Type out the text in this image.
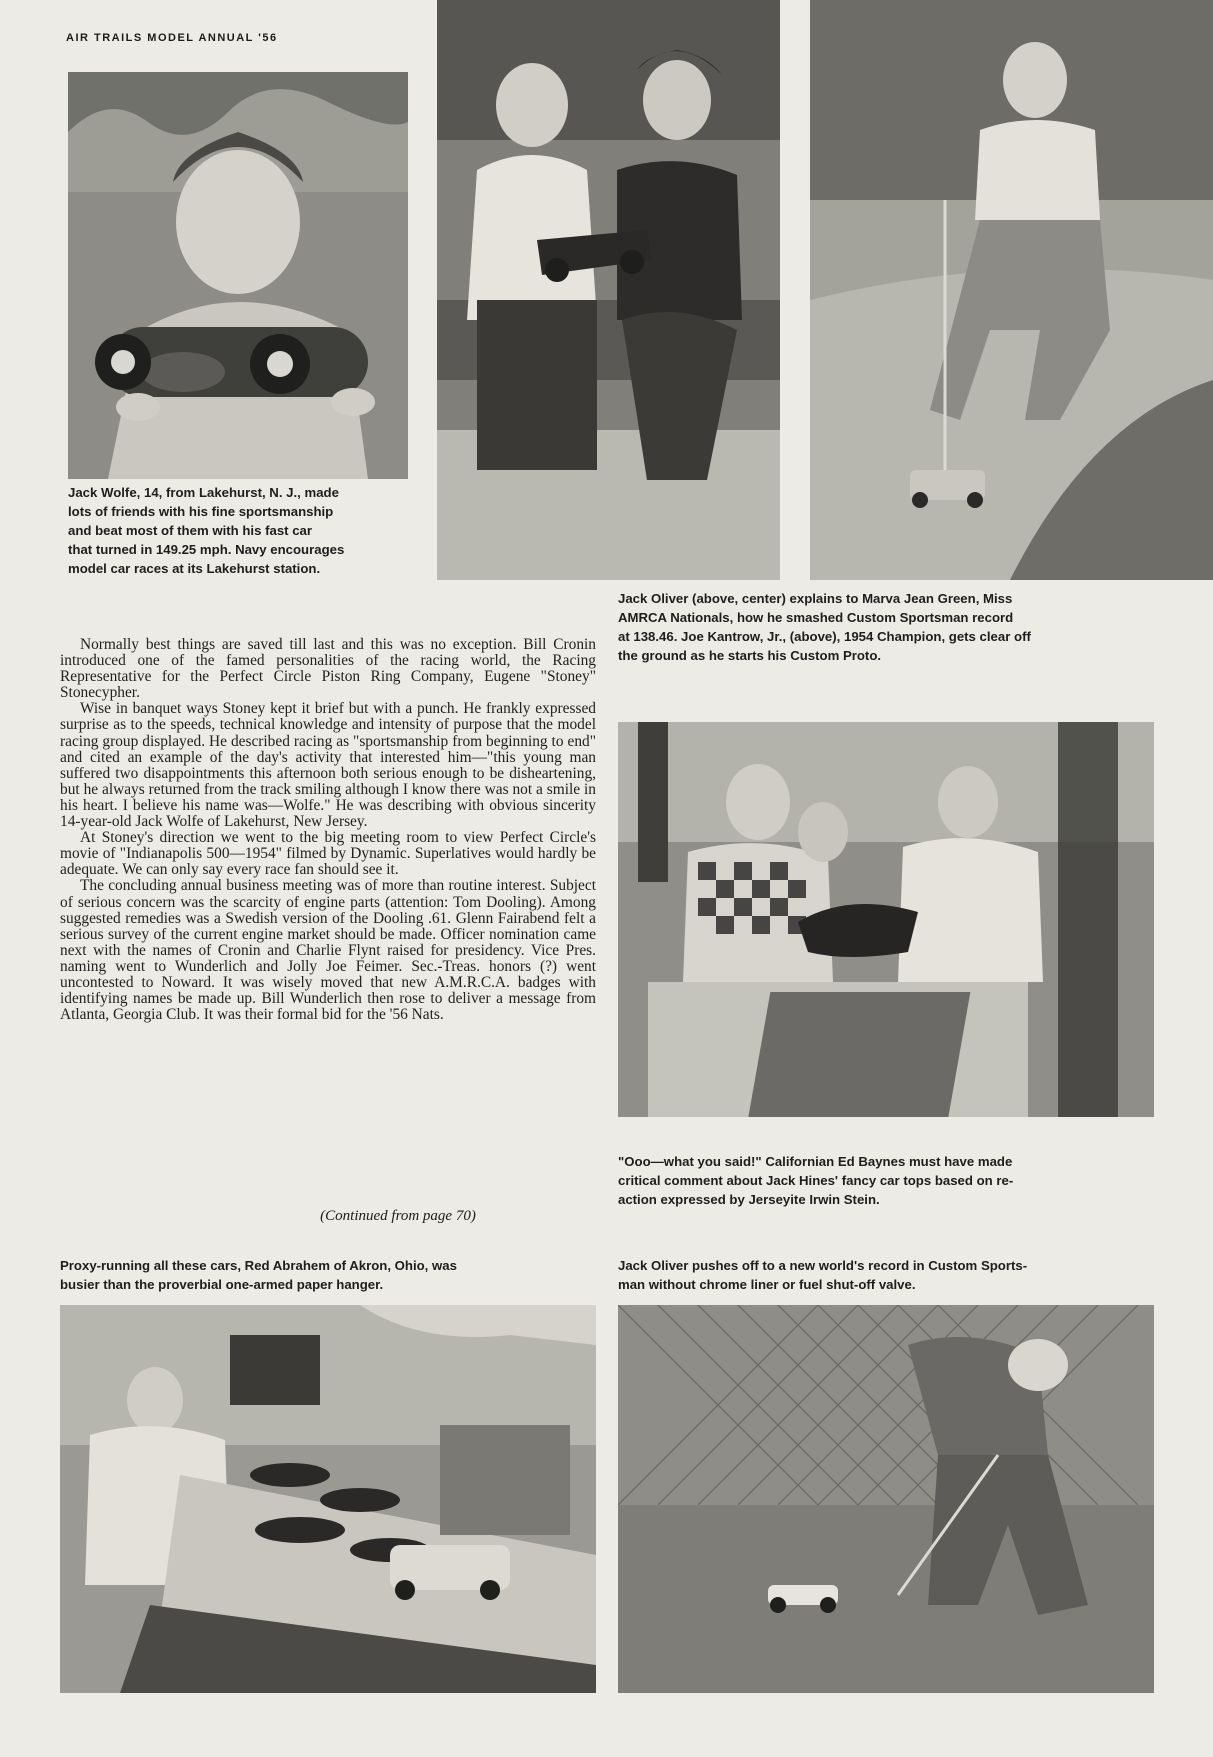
AIR TRAILS MODEL ANNUAL '56

Jack Wolfe, 14, from Lakehurst, N. J., made

lots of friends with his fine sportsmanship

and beat most of them with his fast car

that turned in 149.25 mph. Navy encourages

model car races at its Lakehurst station.

Jack Oliver (above, center) explains to Marva Jean Green, Miss

AMRCA Nationals, how he smashed Custom Sportsman record

at 138.46. Joe Kantrow, Jr., (above), 1954 Champion, gets clear off

the ground as he starts his Custom Proto.

Normally best things are saved till last and this was no exception. Bill Cronin introduced one of the famed personalities of the racing world, the Racing Representative for the Perfect Circle Piston Ring Company, Eugene "Stoney" Stonecypher.

Wise in banquet ways Stoney kept it brief but with a punch. He frankly expressed surprise as to the speeds, technical knowledge and intensity of purpose that the model racing group displayed. He described racing as "sportsmanship from beginning to end" and cited an example of the day's activity that interested him—"this young man suffered two disappointments this afternoon both serious enough to be disheartening, but he always returned from the track smiling although I know there was not a smile in his heart. I believe his name was—Wolfe." He was describing with obvious sincerity 14-year-old Jack Wolfe of Lakehurst, New Jersey.

At Stoney's direction we went to the big meeting room to view Perfect Circle's movie of "Indianapolis 500—1954" filmed by Dynamic. Superlatives would hardly be adequate. We can only say every race fan should see it.

The concluding annual business meeting was of more than routine interest. Subject of serious concern was the scarcity of engine parts (attention: Tom Dooling). Among suggested remedies was a Swedish version of the Dooling .61. Glenn Fairabend felt a serious survey of the current engine market should be made. Officer nomination came next with the names of Cronin and Charlie Flynt raised for presidency. Vice Pres. naming went to Wunderlich and Jolly Joe Feimer. Sec.-Treas. honors (?) went uncontested to Noward. It was wisely moved that new A.M.R.C.A. badges with identifying names be made up. Bill Wunderlich then rose to deliver a message from Atlanta, Georgia Club. It was their formal bid for the '56 Nats.

(Continued from page 70)

"Ooo—what you said!" Californian Ed Baynes must have made

critical comment about Jack Hines' fancy car tops based on re-

action expressed by Jerseyite Irwin Stein.

Proxy-running all these cars, Red Abrahem of Akron, Ohio, was

busier than the proverbial one-armed paper hanger.

Jack Oliver pushes off to a new world's record in Custom Sports-

man without chrome liner or fuel shut-off valve.
